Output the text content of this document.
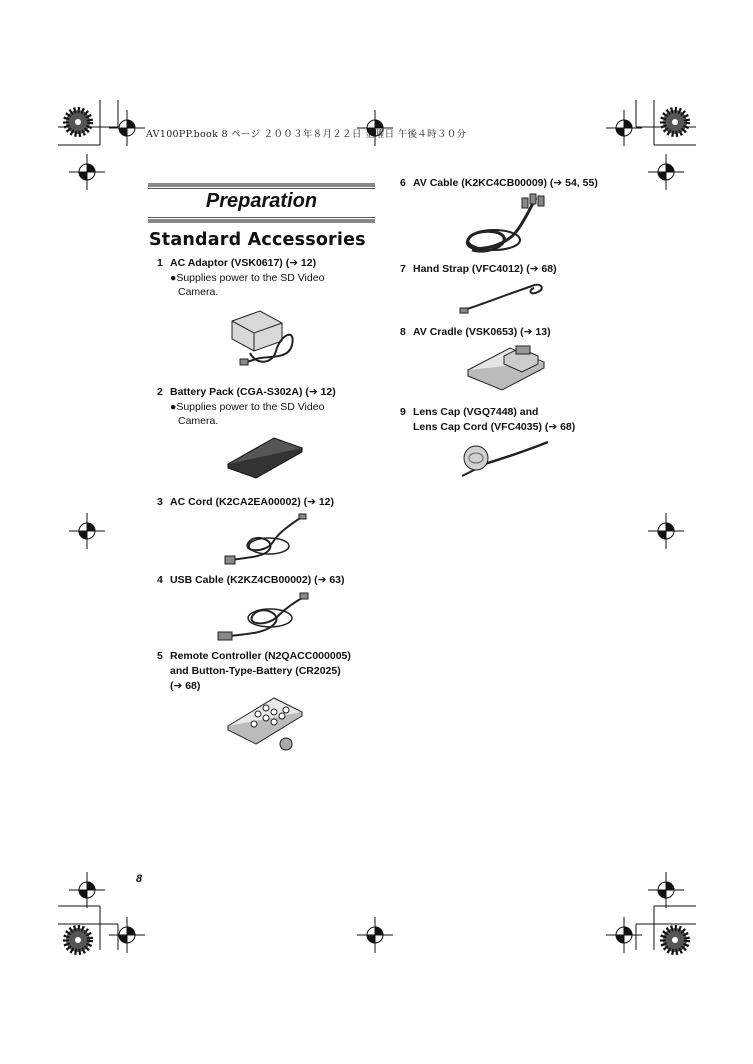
AV100PP.book 8 ページ ２００３年８月２２日 金曜日 午後４時３０分
Preparation
Standard Accessories
1 AC Adaptor (VSK0617) (➔ 12)
●Supplies power to the SD Video
Camera.
2 Battery Pack (CGA-S302A) (➔ 12)
●Supplies power to the SD Video
Camera.
3 AC Cord (K2CA2EA00002) (➔ 12)
4 USB Cable (K2KZ4CB00002) (➔ 63)
5 Remote Controller (N2QACC000005)
and Button-Type-Battery (CR2025)
(➔ 68)
6 AV Cable (K2KC4CB00009) (➔ 54, 55)
7 Hand Strap (VFC4012) (➔ 68)
8 AV Cradle (VSK0653) (➔ 13)
9 Lens Cap (VGQ7448) and
Lens Cap Cord (VFC4035) (➔ 68)
8
